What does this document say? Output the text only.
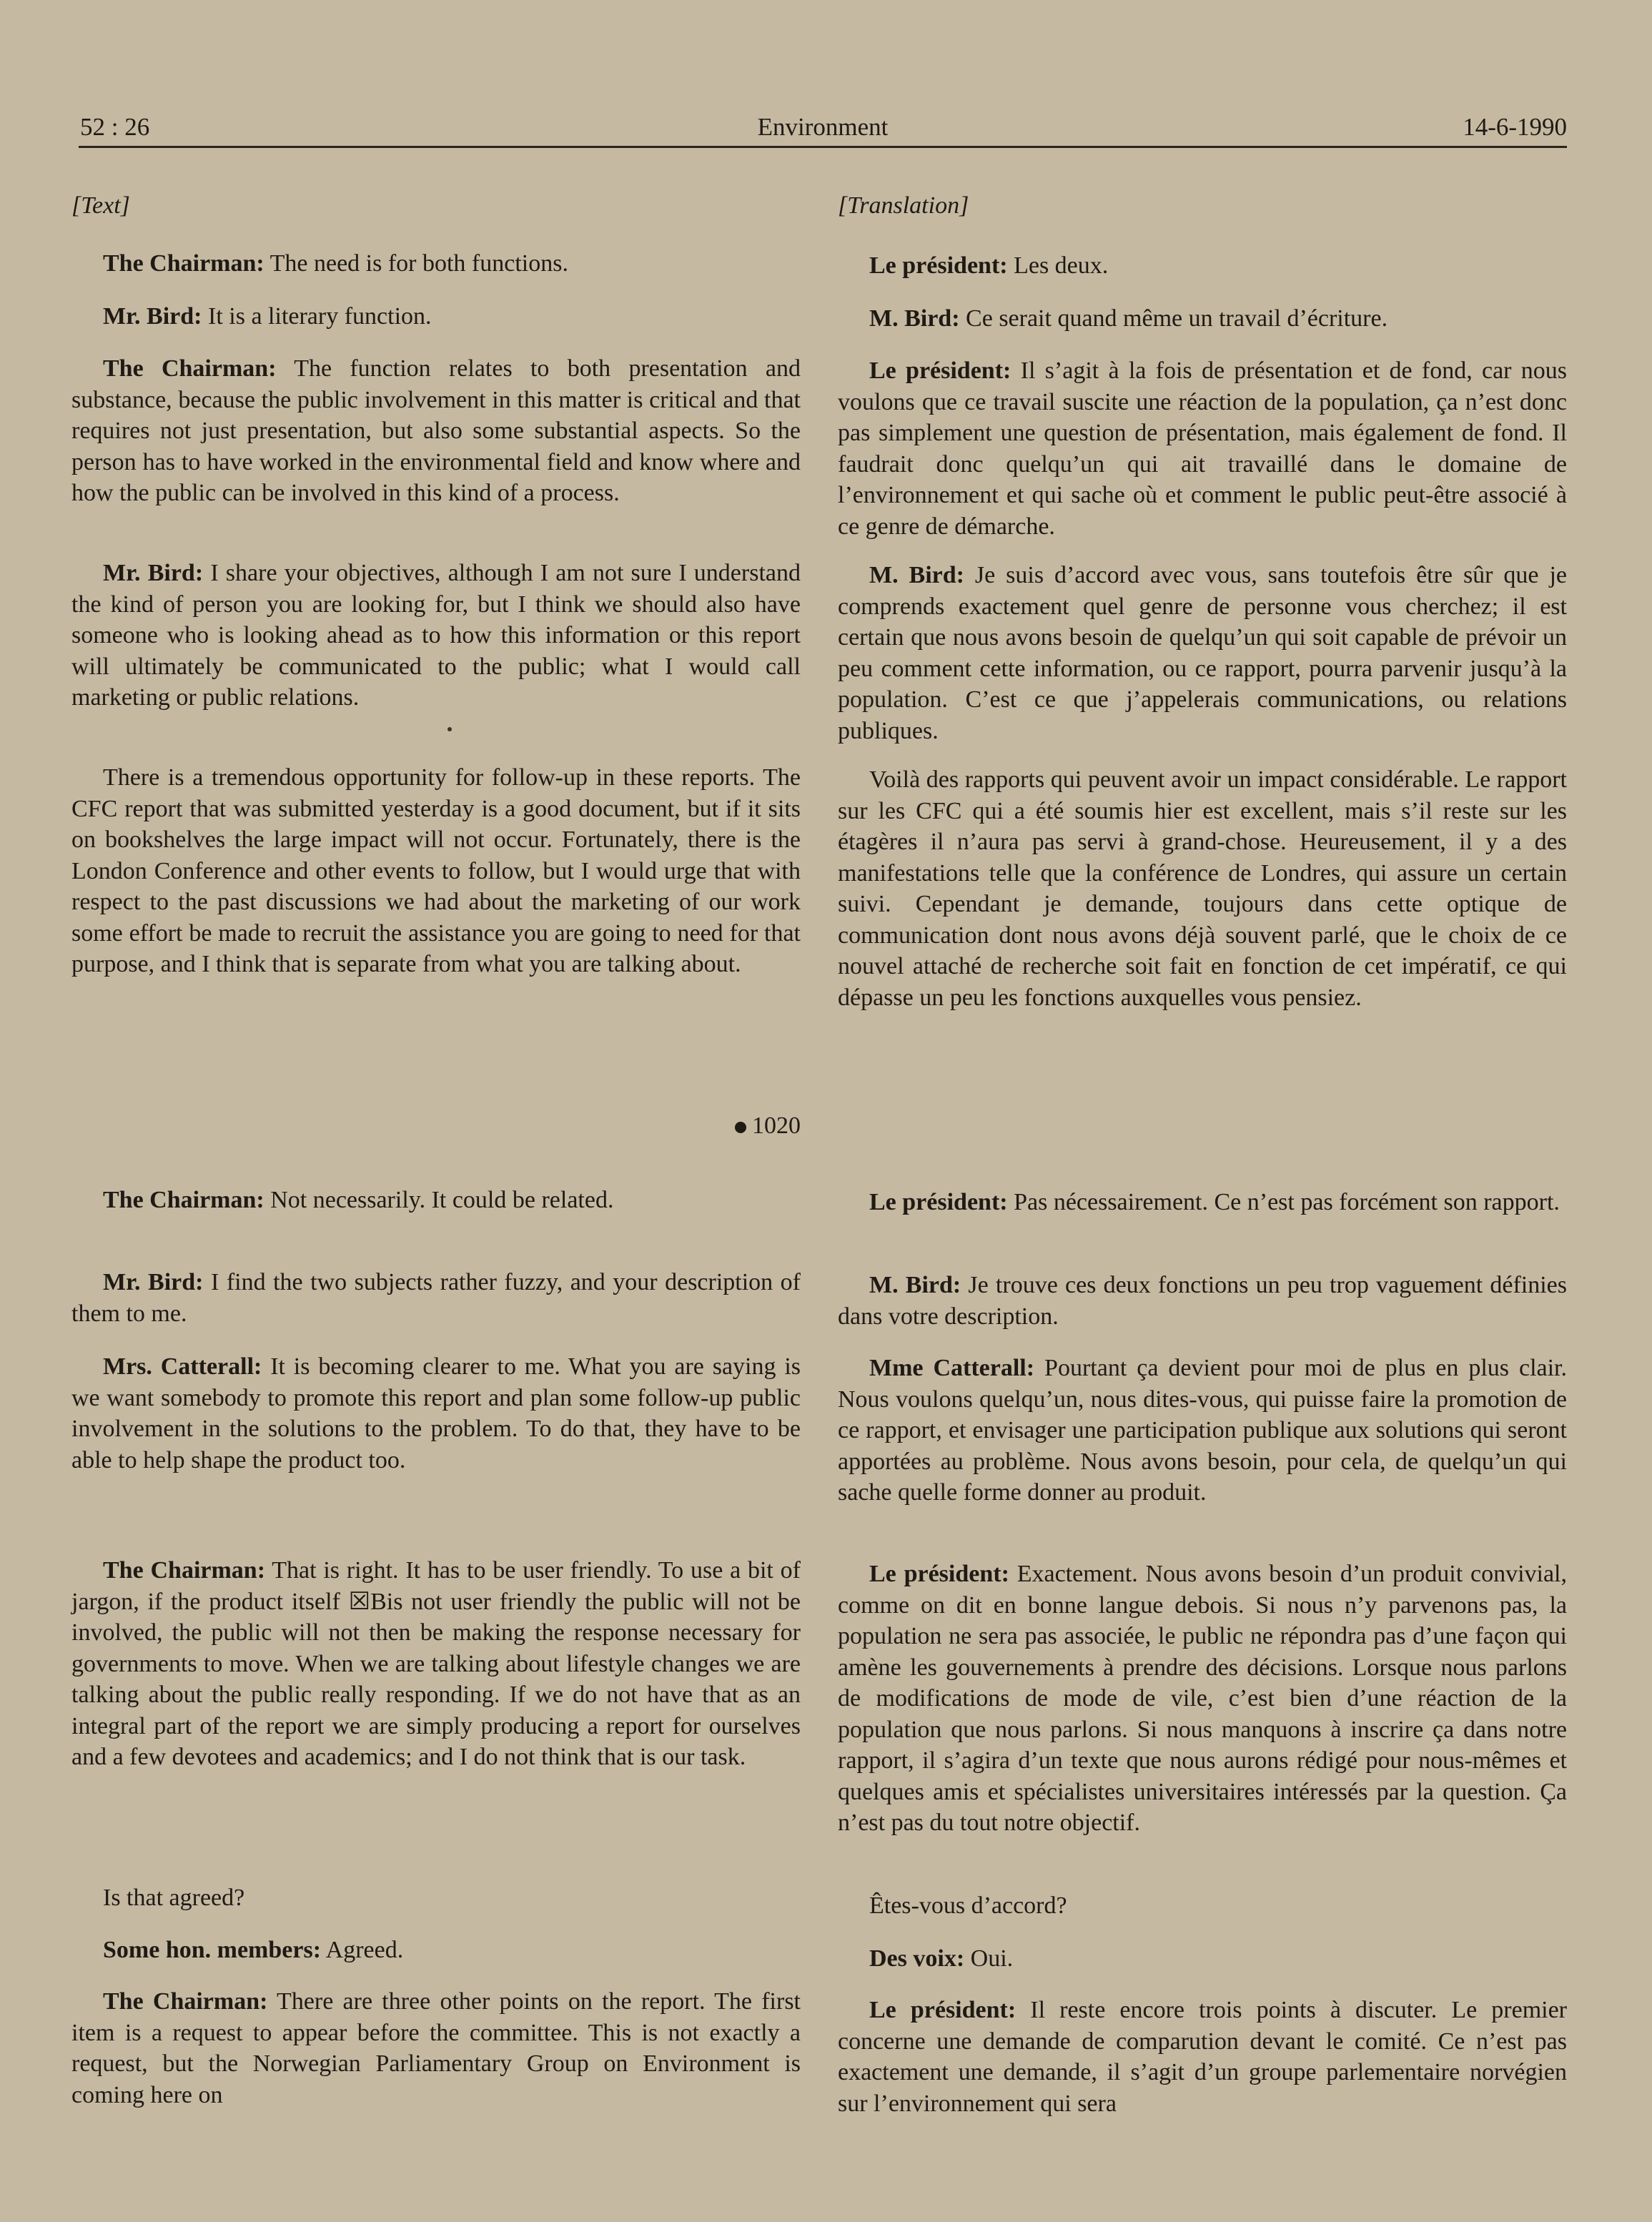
52 : 26	Environment	14-6-1990

[Text]

The Chairman: The need is for both functions.

Mr. Bird: It is a literary function.

The Chairman: The function relates to both presentation and substance, because the public involvement in this matter is critical and that requires not just presentation, but also some substantial aspects. So the person has to have worked in the environmental field and know where and how the public can be involved in this kind of a process.

Mr. Bird: I share your objectives, although I am not sure I understand the kind of person you are looking for, but I think we should also have someone who is looking ahead as to how this information or this report will ultimately be communicated to the public; what I would call marketing or public relations.

There is a tremendous opportunity for follow-up in these reports. The CFC report that was submitted yesterday is a good document, but if it sits on bookshelves the large impact will not occur. Fortunately, there is the London Conference and other events to follow, but I would urge that with respect to the past discussions we had about the marketing of our work some effort be made to recruit the assistance you are going to need for that purpose, and I think that is separate from what you are talking about.

The Chairman: Not necessarily. It could be related.

Mr. Bird: I find the two subjects rather fuzzy, and your description of them to me.

Mrs. Catterall: It is becoming clearer to me. What you are saying is we want somebody to promote this report and plan some follow-up public involvement in the solutions to the problem. To do that, they have to be able to help shape the product too.

The Chairman: That is right. It has to be user friendly. To use a bit of jargon, if the product itself ☒Bis not user friendly the public will not be involved, the public will not then be making the response necessary for governments to move. When we are talking about lifestyle changes we are talking about the public really responding. If we do not have that as an integral part of the report we are simply producing a report for ourselves and a few devotees and academics; and I do not think that is our task.

Is that agreed?

Some hon. members: Agreed.

The Chairman: There are three other points on the report. The first item is a request to appear before the committee. This is not exactly a request, but the Norwegian Parliamentary Group on Environment is coming here on

1020

[Translation]

Le président: Les deux.

M. Bird: Ce serait quand même un travail d’écriture.

Le président: Il s’agit à la fois de présentation et de fond, car nous voulons que ce travail suscite une réaction de la population, ça n’est donc pas simplement une question de présentation, mais également de fond. Il faudrait donc quelqu’un qui ait travaillé dans le domaine de l’environnement et qui sache où et comment le public peut-être associé à ce genre de démarche.

M. Bird: Je suis d’accord avec vous, sans toutefois être sûr que je comprends exactement quel genre de personne vous cherchez; il est certain que nous avons besoin de quelqu’un qui soit capable de prévoir un peu comment cette information, ou ce rapport, pourra parvenir jusqu’à la population. C’est ce que j’appelerais communications, ou relations publiques.

Voilà des rapports qui peuvent avoir un impact considérable. Le rapport sur les CFC qui a été soumis hier est excellent, mais s’il reste sur les étagères il n’aura pas servi à grand-chose. Heureusement, il y a des manifestations telle que la conférence de Londres, qui assure un certain suivi. Cependant je demande, toujours dans cette optique de communication dont nous avons déjà souvent parlé, que le choix de ce nouvel attaché de recherche soit fait en fonction de cet impératif, ce qui dépasse un peu les fonctions auxquelles vous pensiez.

Le président: Pas nécessairement. Ce n’est pas forcément son rapport.

M. Bird: Je trouve ces deux fonctions un peu trop vaguement définies dans votre description.

Mme Catterall: Pourtant ça devient pour moi de plus en plus clair. Nous voulons quelqu’un, nous dites-vous, qui puisse faire la promotion de ce rapport, et envisager une participation publique aux solutions qui seront apportées au problème. Nous avons besoin, pour cela, de quelqu’un qui sache quelle forme donner au produit.

Le président: Exactement. Nous avons besoin d’un produit convivial, comme on dit en bonne langue debois. Si nous n’y parvenons pas, la population ne sera pas associée, le public ne répondra pas d’une façon qui amène les gouvernements à prendre des décisions. Lorsque nous parlons de modifications de mode de vile, c’est bien d’une réaction de la population que nous parlons. Si nous manquons à inscrire ça dans notre rapport, il s’agira d’un texte que nous aurons rédigé pour nous-mêmes et quelques amis et spécialistes universitaires intéressés par la question. Ça n’est pas du tout notre objectif.

Êtes-vous d’accord?

Des voix: Oui.

Le président: Il reste encore trois points à discuter. Le premier concerne une demande de comparution devant le comité. Ce n’est pas exactement une demande, il s’agit d’un groupe parlementaire norvégien sur l’environnement qui sera
